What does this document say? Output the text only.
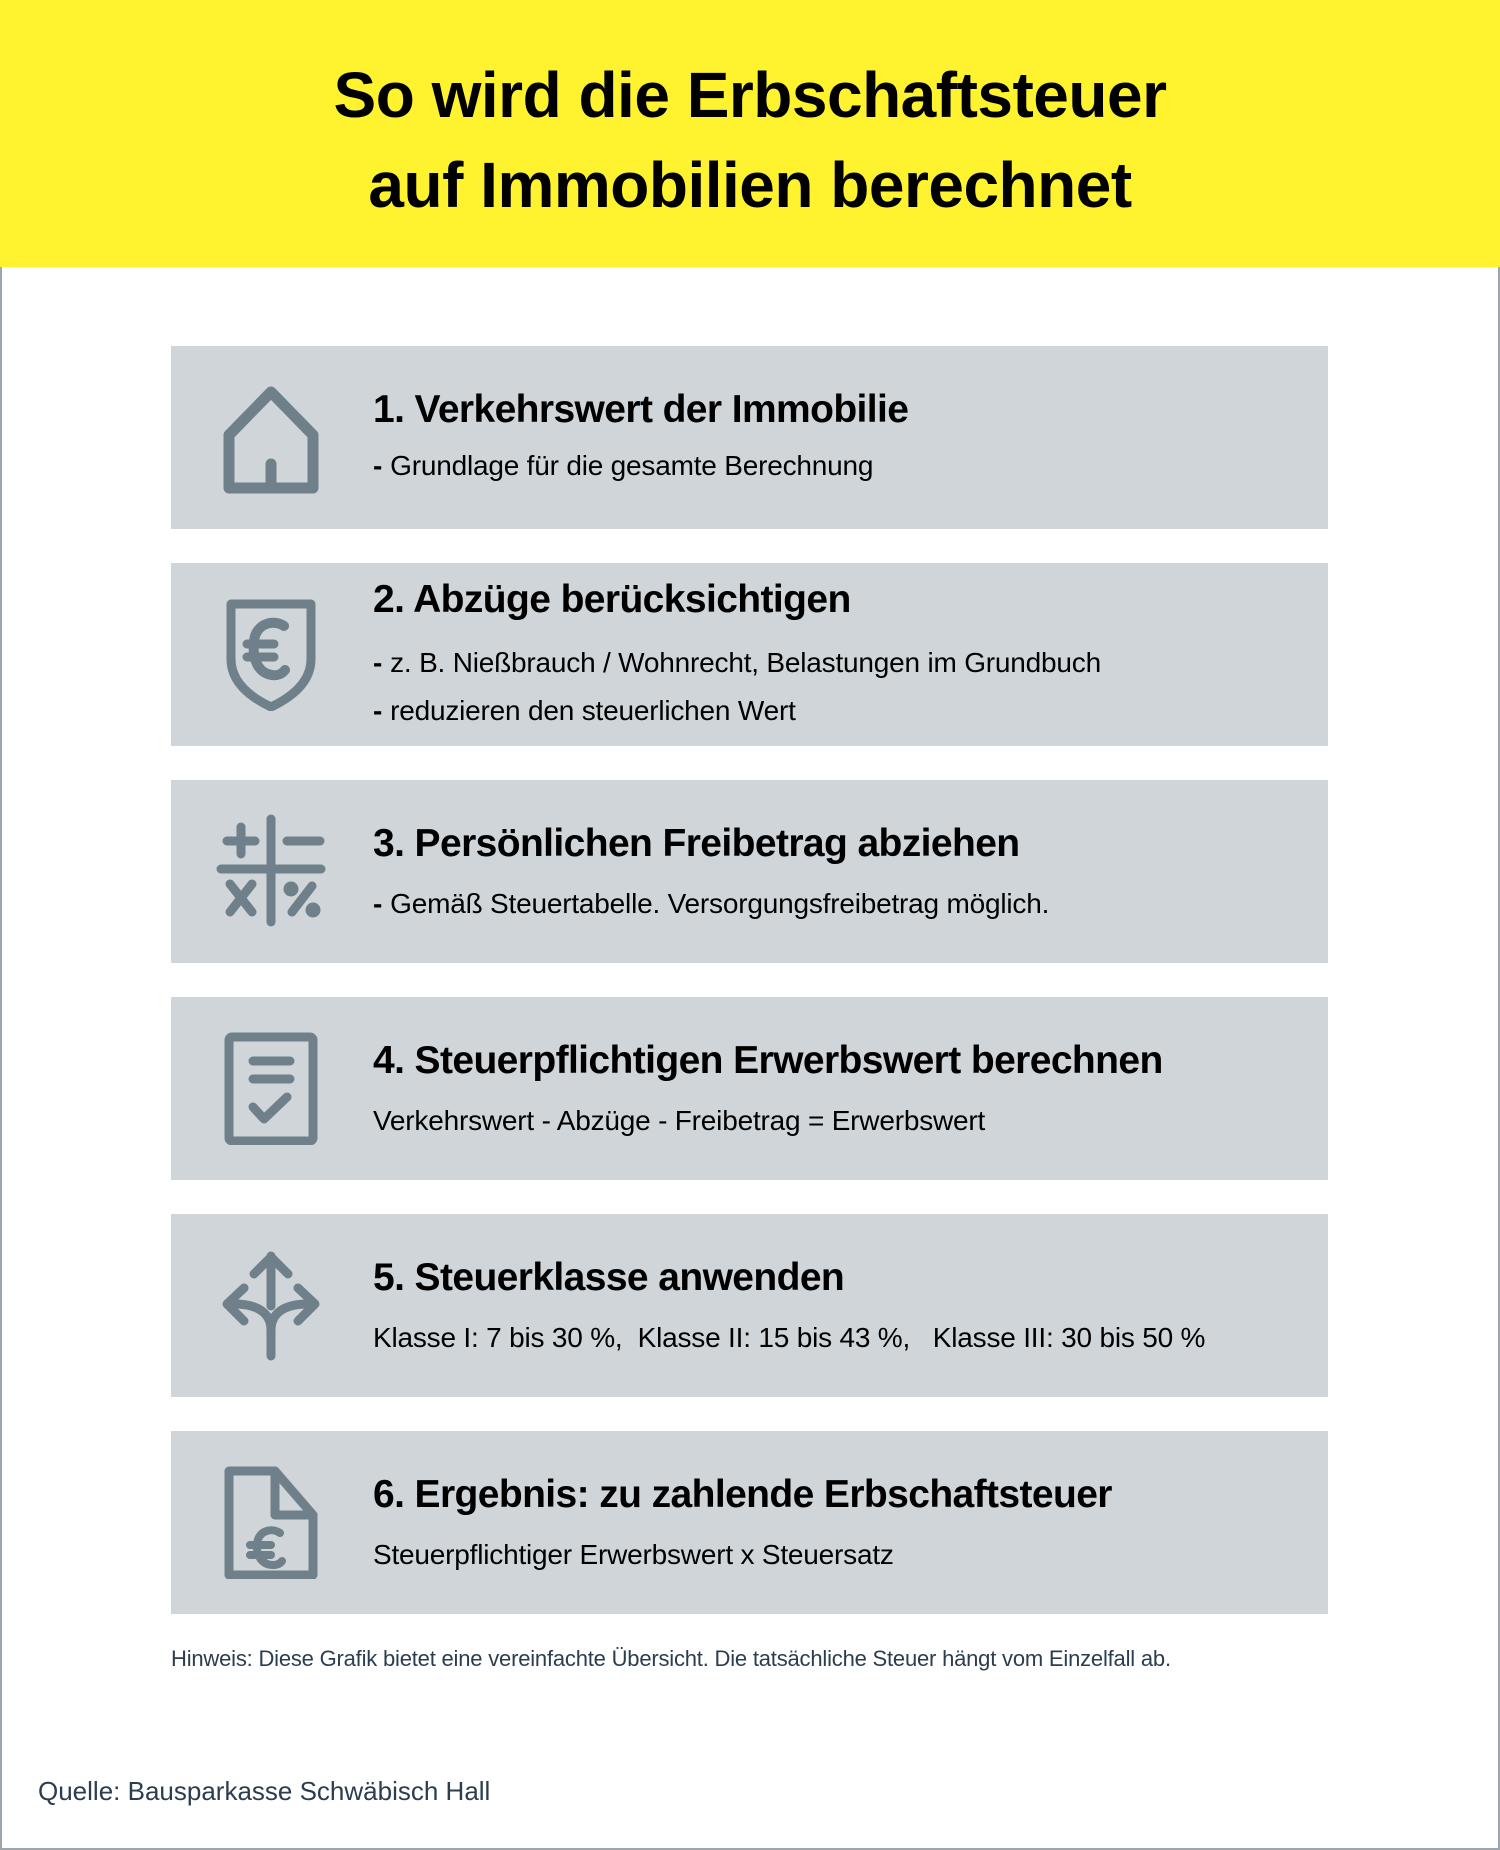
So wird die Erbschaftsteuer
auf Immobilien berechnet
1. Verkehrswert der Immobilie
- Grundlage für die gesamte Berechnung
2. Abzüge berücksichtigen
- z. B. Nießbrauch / Wohnrecht, Belastungen im Grundbuch
- reduzieren den steuerlichen Wert
3. Persönlichen Freibetrag abziehen
- Gemäß Steuertabelle. Versorgungsfreibetrag möglich.
4. Steuerpflichtigen Erwerbswert berechnen
Verkehrswert - Abzüge - Freibetrag = Erwerbswert
5. Steuerklasse anwenden
Klasse I: 7 bis 30 %,  Klasse II: 15 bis 43 %,   Klasse III: 30 bis 50 %
6. Ergebnis: zu zahlende Erbschaftsteuer
Steuerpflichtiger Erwerbswert x Steuersatz
Hinweis: Diese Grafik bietet eine vereinfachte Übersicht. Die tatsächliche Steuer hängt vom Einzelfall ab.
Quelle: Bausparkasse Schwäbisch Hall
